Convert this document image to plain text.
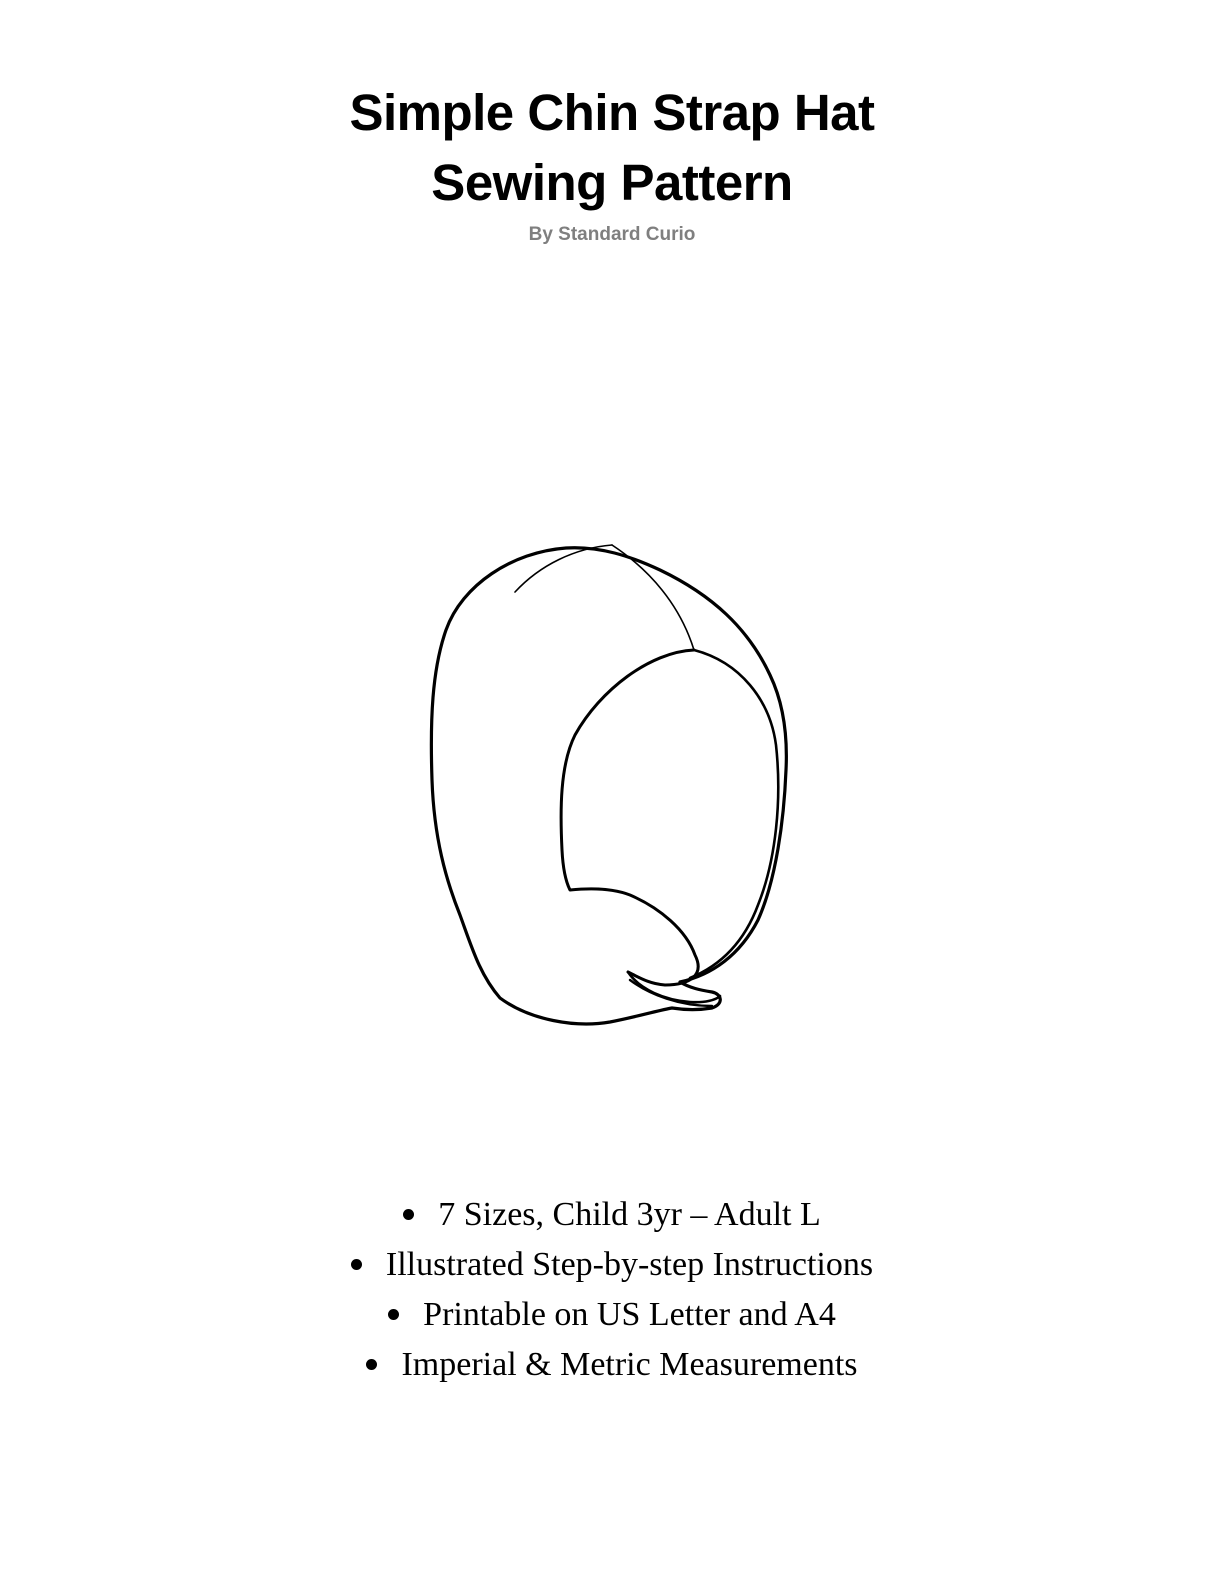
Simple Chin Strap Hat
Sewing Pattern
By Standard Curio
7 Sizes, Child 3yr – Adult L
Illustrated Step-by-step Instructions
Printable on US Letter and A4
Imperial & Metric Measurements
